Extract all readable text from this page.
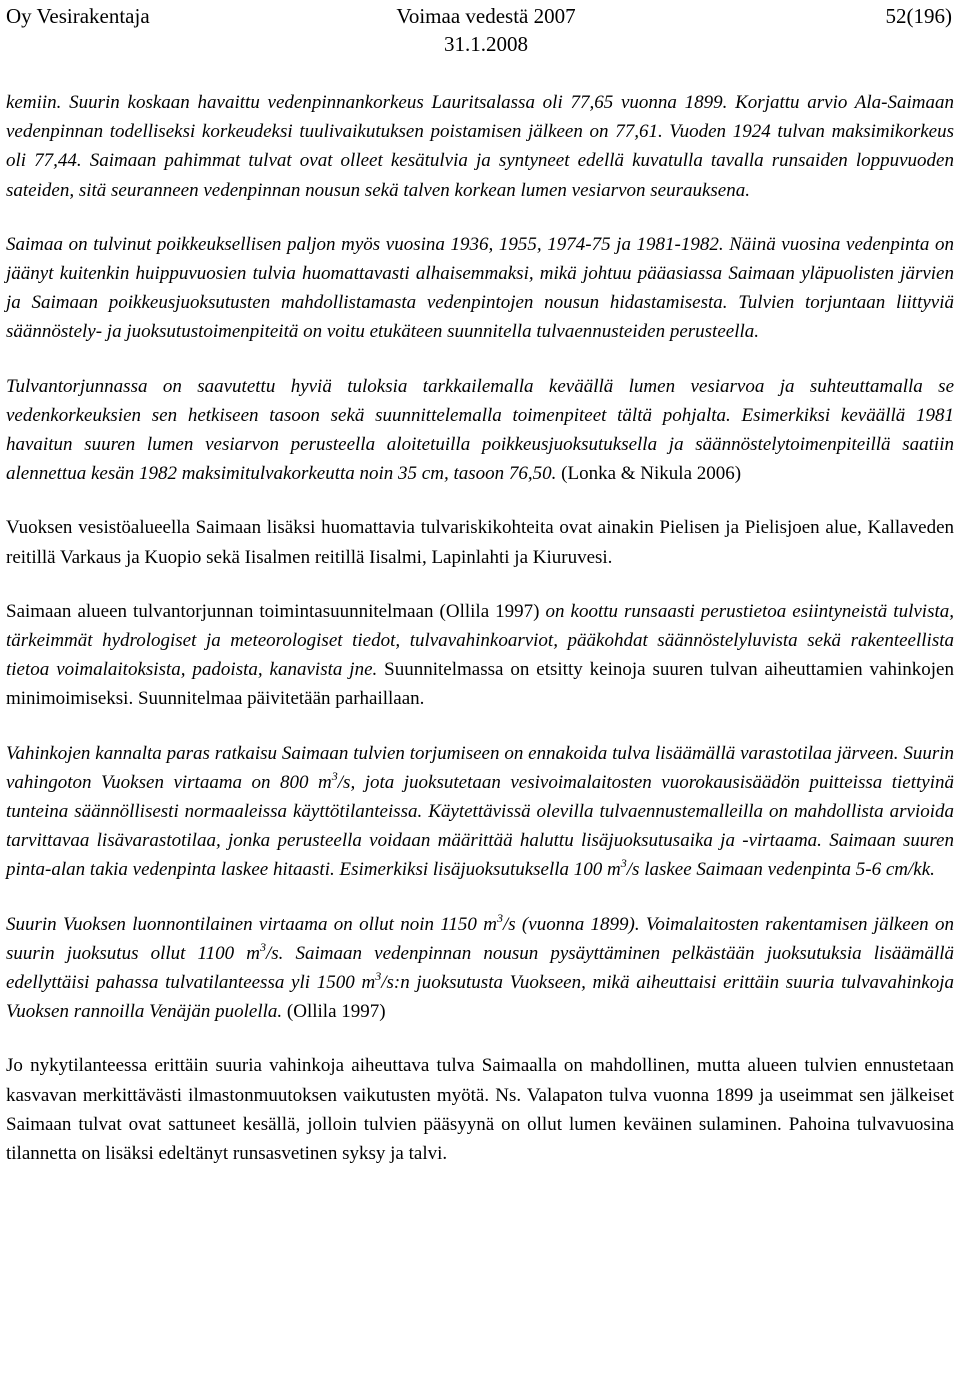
Oy Vesirakentaja	Voimaa vedestä 2007
31.1.2008
52(196)

kemiin. Suurin koskaan havaittu vedenpinnankorkeus Lauritsalassa oli 77,65 vuonna 1899. Korjattu arvio Ala-Saimaan vedenpinnan todelliseksi korkeudeksi tuulivaikutuksen poistamisen jälkeen on 77,61. Vuoden 1924 tulvan maksimikorkeus oli 77,44. Saimaan pahimmat tulvat ovat olleet kesätulvia ja syntyneet edellä kuvatulla tavalla runsaiden loppuvuoden sateiden, sitä seuranneen vedenpinnan nousun sekä talven korkean lumen vesiarvon seurauksena.

Saimaa on tulvinut poikkeuksellisen paljon myös vuosina 1936, 1955, 1974-75 ja 1981-1982. Näinä vuosina vedenpinta on jäänyt kuitenkin huippuvuosien tulvia huomattavasti alhaisemmaksi, mikä johtuu pääasiassa Saimaan yläpuolisten järvien ja Saimaan poikkeusjuoksutusten mahdollistamasta vedenpintojen nousun hidastamisesta. Tulvien torjuntaan liittyviä säännöstely- ja juoksutustoimenpiteitä on voitu etukäteen suunnitella tulvaennusteiden perusteella.

Tulvantorjunnassa on saavutettu hyviä tuloksia tarkkailemalla keväällä lumen vesiarvoa ja suhteuttamalla se vedenkorkeuksien sen hetkiseen tasoon sekä suunnittelemalla toimenpiteet tältä pohjalta. Esimerkiksi keväällä 1981 havaitun suuren lumen vesiarvon perusteella aloitetuilla poikkeusjuoksutuksella ja säännöstelytoimenpiteillä saatiin alennettua kesän 1982 maksimitulvakorkeutta noin 35 cm, tasoon 76,50. (Lonka & Nikula 2006)

Vuoksen vesistöalueella Saimaan lisäksi huomattavia tulvariskikohteita ovat ainakin Pielisen ja Pielisjoen alue, Kallaveden reitillä Varkaus ja Kuopio sekä Iisalmen reitillä Iisalmi, Lapinlahti ja Kiuruvesi.

Saimaan alueen tulvantorjunnan toimintasuunnitelmaan (Ollila 1997) on koottu runsaasti perustietoa esiintyneistä tulvista, tärkeimmät hydrologiset ja meteorologiset tiedot, tulvavahinkoarviot, pääkohdat säännöstelyluvista sekä rakenteellista tietoa voimalaitoksista, padoista, kanavista jne. Suunnitelmassa on etsitty keinoja suuren tulvan aiheuttamien vahinkojen minimoimiseksi. Suunnitelmaa päivitetään parhaillaan.

Vahinkojen kannalta paras ratkaisu Saimaan tulvien torjumiseen on ennakoida tulva lisäämällä varastotilaa järveen. Suurin vahingoton Vuoksen virtaama on 800 $m^3/s$, jota juoksutetaan vesivoimalaitosten vuorokausisäädön puitteissa tiettyinä tunteina säännöllisesti normaaleissa käyttötilanteissa. Käytettävissä olevilla tulvaennustemalleilla on mahdollista arvioida tarvittavaa lisävarastotilaa, jonka perusteella voidaan määrittää haluttu lisäjuoksutusaika ja -virtaama. Saimaan suuren pinta-alan takia vedenpinta laskee hitaasti. Esimerkiksi lisäjuoksutuksella 100 $m^3/s$ laskee Saimaan vedenpinta 5-6 cm/kk.

Suurin Vuoksen luonnontilainen virtaama on ollut noin 1150 $m^3/s$ (vuonna 1899). Voimalaitosten rakentamisen jälkeen on suurin juoksutus ollut 1100 $m^3/s$. Saimaan vedenpinnan nousun pysäyttäminen pelkästään juoksutuksia lisäämällä edellyttäisi pahassa tulvatilanteessa yli 1500 $m^3/s:n$ juoksutusta Vuokseen, mikä aiheuttaisi erittäin suuria tulvavahinkoja Vuoksen rannoilla Venäjän puolella. (Ollila 1997)

Jo nykytilanteessa erittäin suuria vahinkoja aiheuttava tulva Saimaalla on mahdollinen, mutta alueen tulvien ennustetaan kasvavan merkittävästi ilmastonmuutoksen vaikutusten myötä. Ns. Valapaton tulva vuonna 1899 ja useimmat sen jälkeiset Saimaan tulvat ovat sattuneet kesällä, jolloin tulvien pääsyynä on ollut lumen keväinen sulaminen. Pahoina tulvavuosina tilannetta on lisäksi edeltänyt runsasvetinen syksy ja talvi.
